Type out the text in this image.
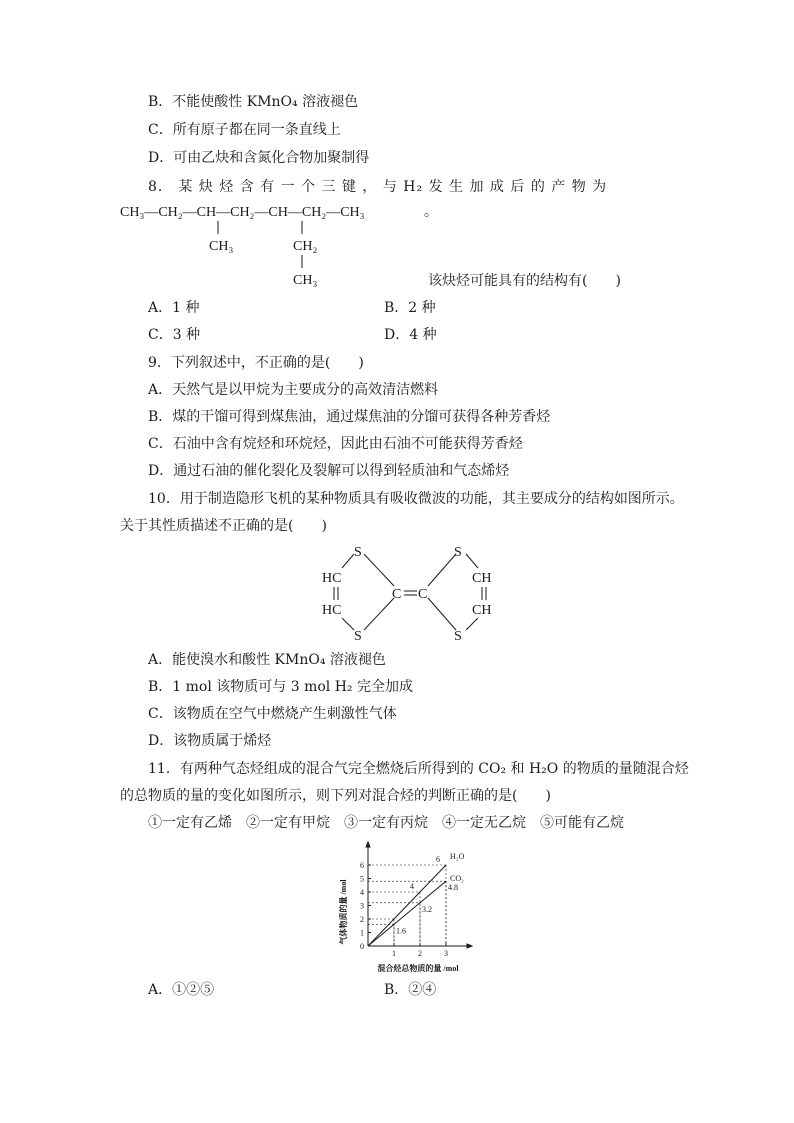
B．不能使酸性 KMnO₄ 溶液褪色
C．所有原子都在同一条直线上
D．可由乙炔和含氮化合物加聚制得
8． 某 炔 烃 含 有 一 个 三 键 ， 与 H₂ 发 生 加 成 后 的 产 物 为
CH₃—CH₂—CH—CH₂—CH—CH₂—CH₃
CH₃	CH₂
CH₃
。
该炔烃可能具有的结构有(　　)
A．1 种	B．2 种
C．3 种	D．4 种
9．下列叙述中，不正确的是(　　)
A．天然气是以甲烷为主要成分的高效清洁燃料
B．煤的干馏可得到煤焦油，通过煤焦油的分馏可获得各种芳香烃
C．石油中含有烷烃和环烷烃，因此由石油不可能获得芳香烃
D．通过石油的催化裂化及裂解可以得到轻质油和气态烯烃
10．用于制造隐形飞机的某种物质具有吸收微波的功能，其主要成分的结构如图所示。
关于其性质描述不正确的是(　　)
S
HC
HC
S
C C
S
CH
CH
S
A．能使溴水和酸性 KMnO₄ 溶液褪色
B．1 mol 该物质可与 3 mol H₂ 完全加成
C．该物质在空气中燃烧产生刺激性气体
D．该物质属于烯烃
11．有两种气态烃组成的混合气完全燃烧后所得到的 CO₂ 和 H₂O 的物质的量随混合烃
的总物质的量的变化如图所示，则下列对混合烃的判断正确的是(　　)
①一定有乙烯　②一定有甲烷　③一定有丙烷　④一定无乙烷　⑤可能有乙烷
0
1
2
3
4
5
6
1	2	3
4
6 H₂O
1.6
3.2
4.8
CO₂
气体物质的量 /mol
混合烃总物质的量 /mol
A．①②⑤	B．②④
